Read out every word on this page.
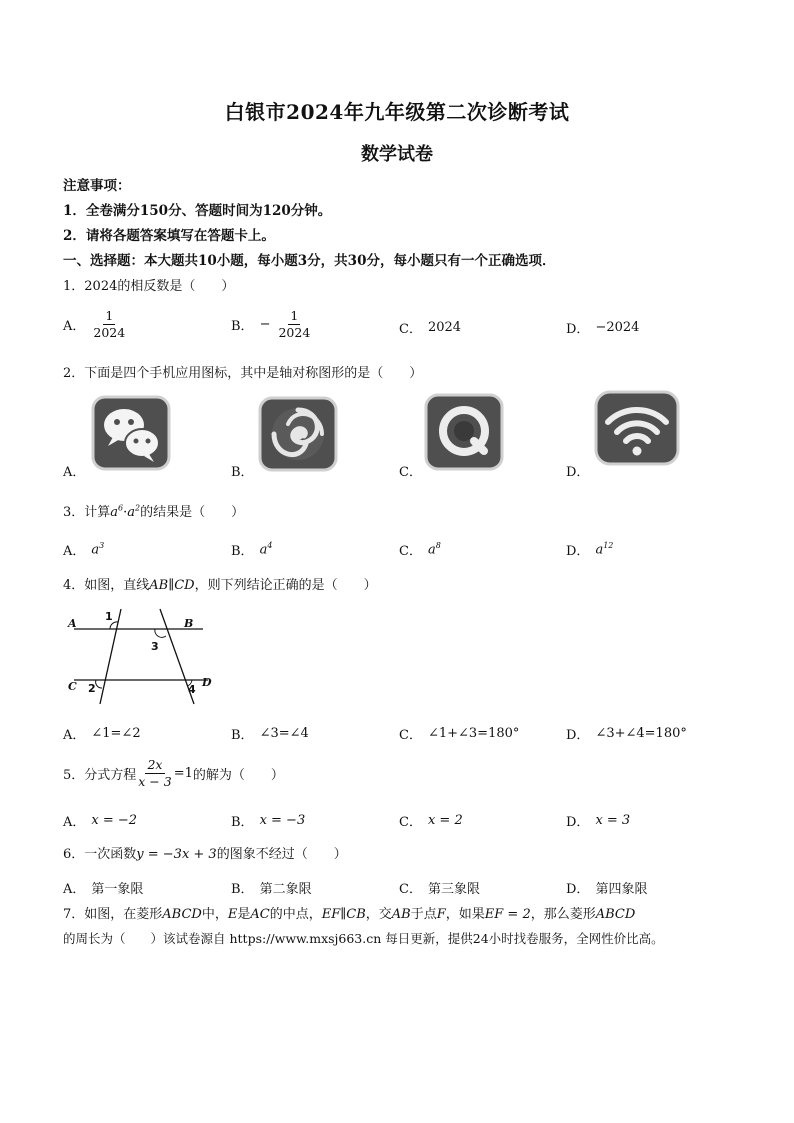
白银市2024年九年级第二次诊断考试
数学试卷
注意事项：
1．全卷满分150分、答题时间为120分钟。
2．请将各题答案填写在答题卡上。
一、选择题：本大题共10小题，每小题3分，共30分，每小题只有一个正确选项．
1．2024的相反数是（　　）
A． $\frac{1}{2024}$	B． − $\frac{1}{2024}$	C． 2024	D． −2024
2．下面是四个手机应用图标，其中是轴对称图形的是（　　）
A．	B．	C．	D．
3．计算$a^6\cdot a^2$的结果是（　　）
A． $a^3$	B． $a^4$	C． $a^8$	D． $a^{12}$
4．如图，直线AB∥CD，则下列结论正确的是（　　）
A	B
C	D
1
2
3
4
A． ∠1=∠2	B． ∠3=∠4	C． ∠1+∠3=180°	D． ∠3+∠4=180°
5．分式方程 $\frac{2x}{x - 3} =1$ 的解为（　　）
A． x = −2	B． x = −3	C． x = 2	D． x = 3
6．一次函数y = −3x + 3的图象不经过（　　）
A． 第一象限	B． 第二象限	C． 第三象限	D． 第四象限
7．如图，在菱形ABCD中，E是AC的中点，EF∥CB，交AB于点F，如果EF = 2，那么菱形ABCD
的周长为（　　）该试卷源自 https://www.mxsj663.cn 每日更新，提供24小时找卷服务，全网性价比高。
